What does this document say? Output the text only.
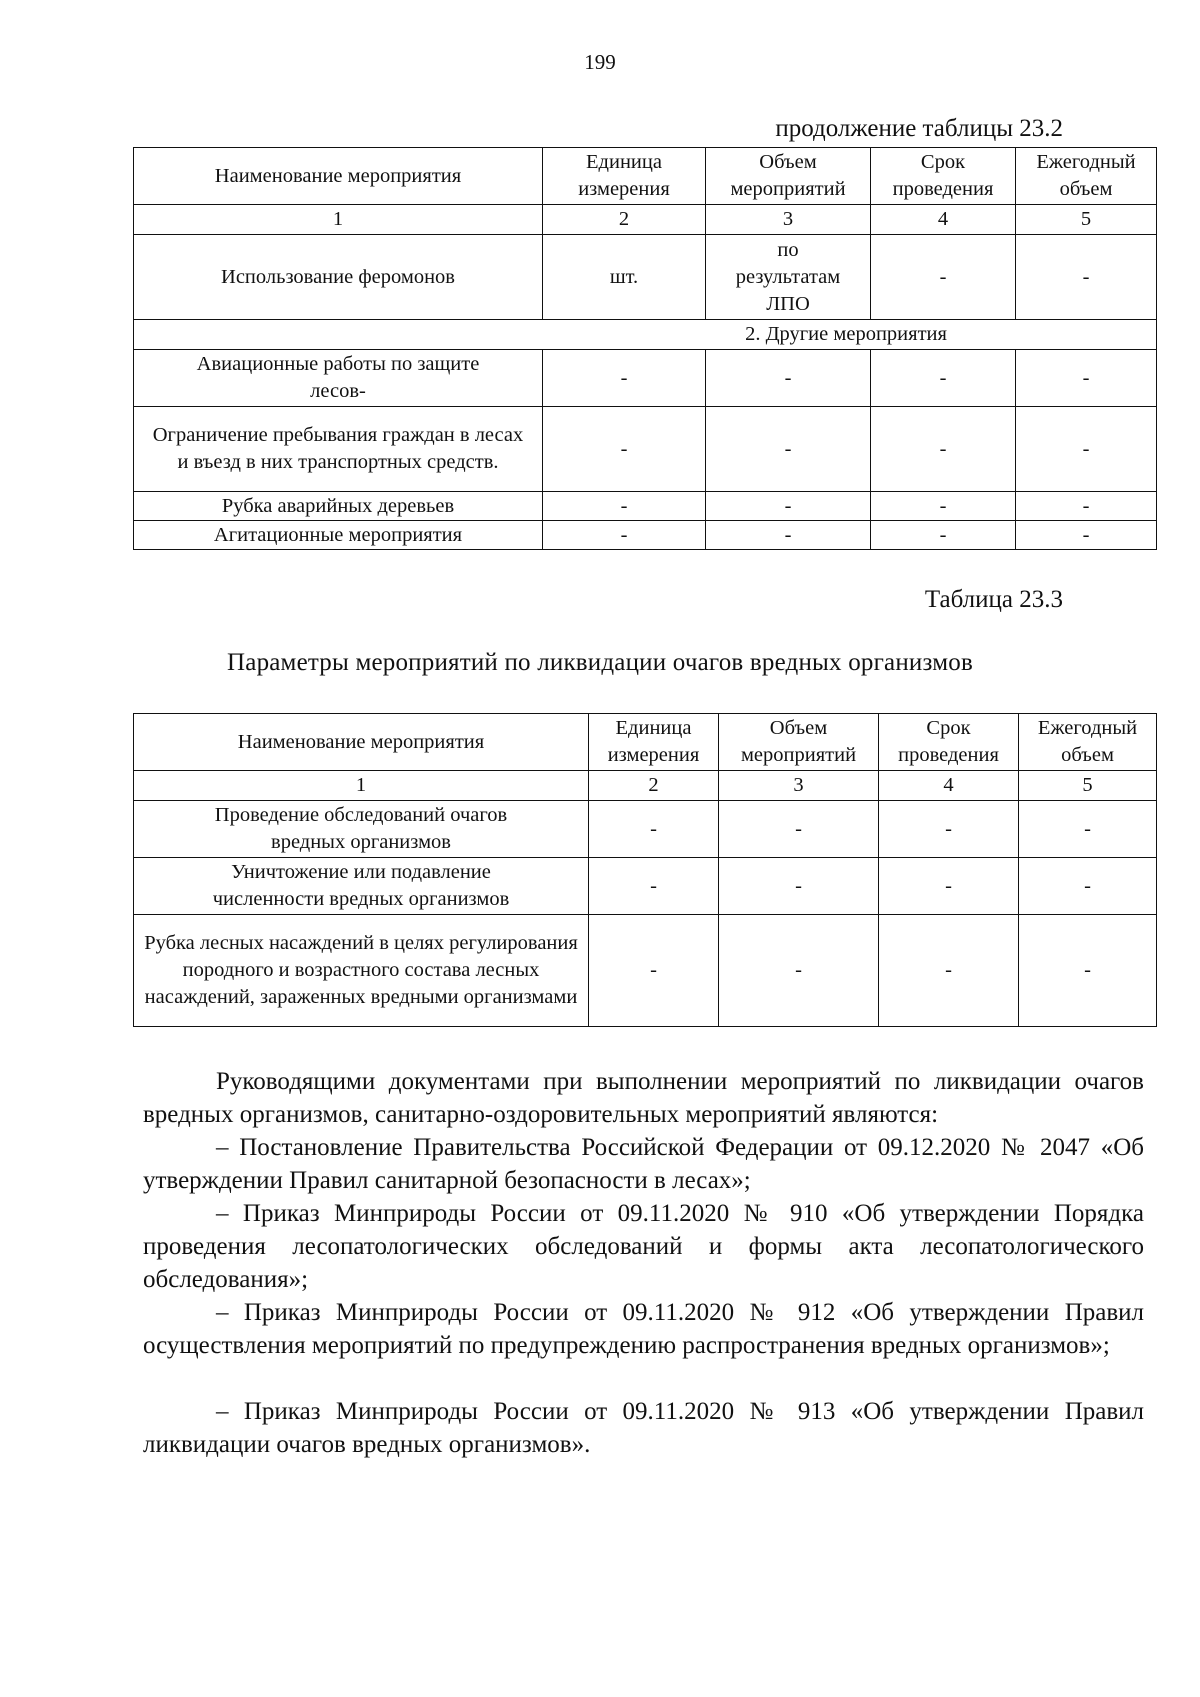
199
продолжение таблицы 23.2
Наименование мероприятия	Единица измерения	Объем мероприятий	Срок проведения	Ежегодный объем
1	2	3	4	5
Использование феромонов	шт.	по результатам ЛПО	-	-
2. Другие мероприятия				
Авиационные работы по защите лесов-	-	-	-	-
Ограничение пребывания граждан в лесах и въезд в них транспортных средств.	-	-	-	-
Рубка аварийных деревьев	-	-	-	-
Агитационные мероприятия	-	-	-	-
Таблица 23.3
Параметры мероприятий по ликвидации очагов вредных организмов
Наименование мероприятия	Единица измерения	Объем мероприятий	Срок проведения	Ежегодный объем
1	2	3	4	5
Проведение обследований очагов вредных организмов	-	-	-	-
Уничтожение или подавление численности вредных организмов	-	-	-	-
Рубка лесных насаждений в целях регулирования породного и возрастного состава лесных насаждений, зараженных вредными организмами	-	-	-	-

Руководящими документами при выполнении мероприятий по ликвидации очагов вредных организмов, санитарно-оздоровительных мероприятий являются:

– Постановление Правительства Российской Федерации от 09.12.2020 № 2047 «Об утверждении Правил санитарной безопасности в лесах»;

– Приказ Минприроды России от 09.11.2020 № 910 «Об утверждении Порядка проведения лесопатологических обследований и формы акта лесопатологического обследования»;

– Приказ Минприроды России от 09.11.2020 № 912 «Об утверждении Правил осуществления мероприятий по предупреждению распространения вредных организмов»;

– Приказ Минприроды России от 09.11.2020 № 913 «Об утверждении Правил ликвидации очагов вредных организмов».
